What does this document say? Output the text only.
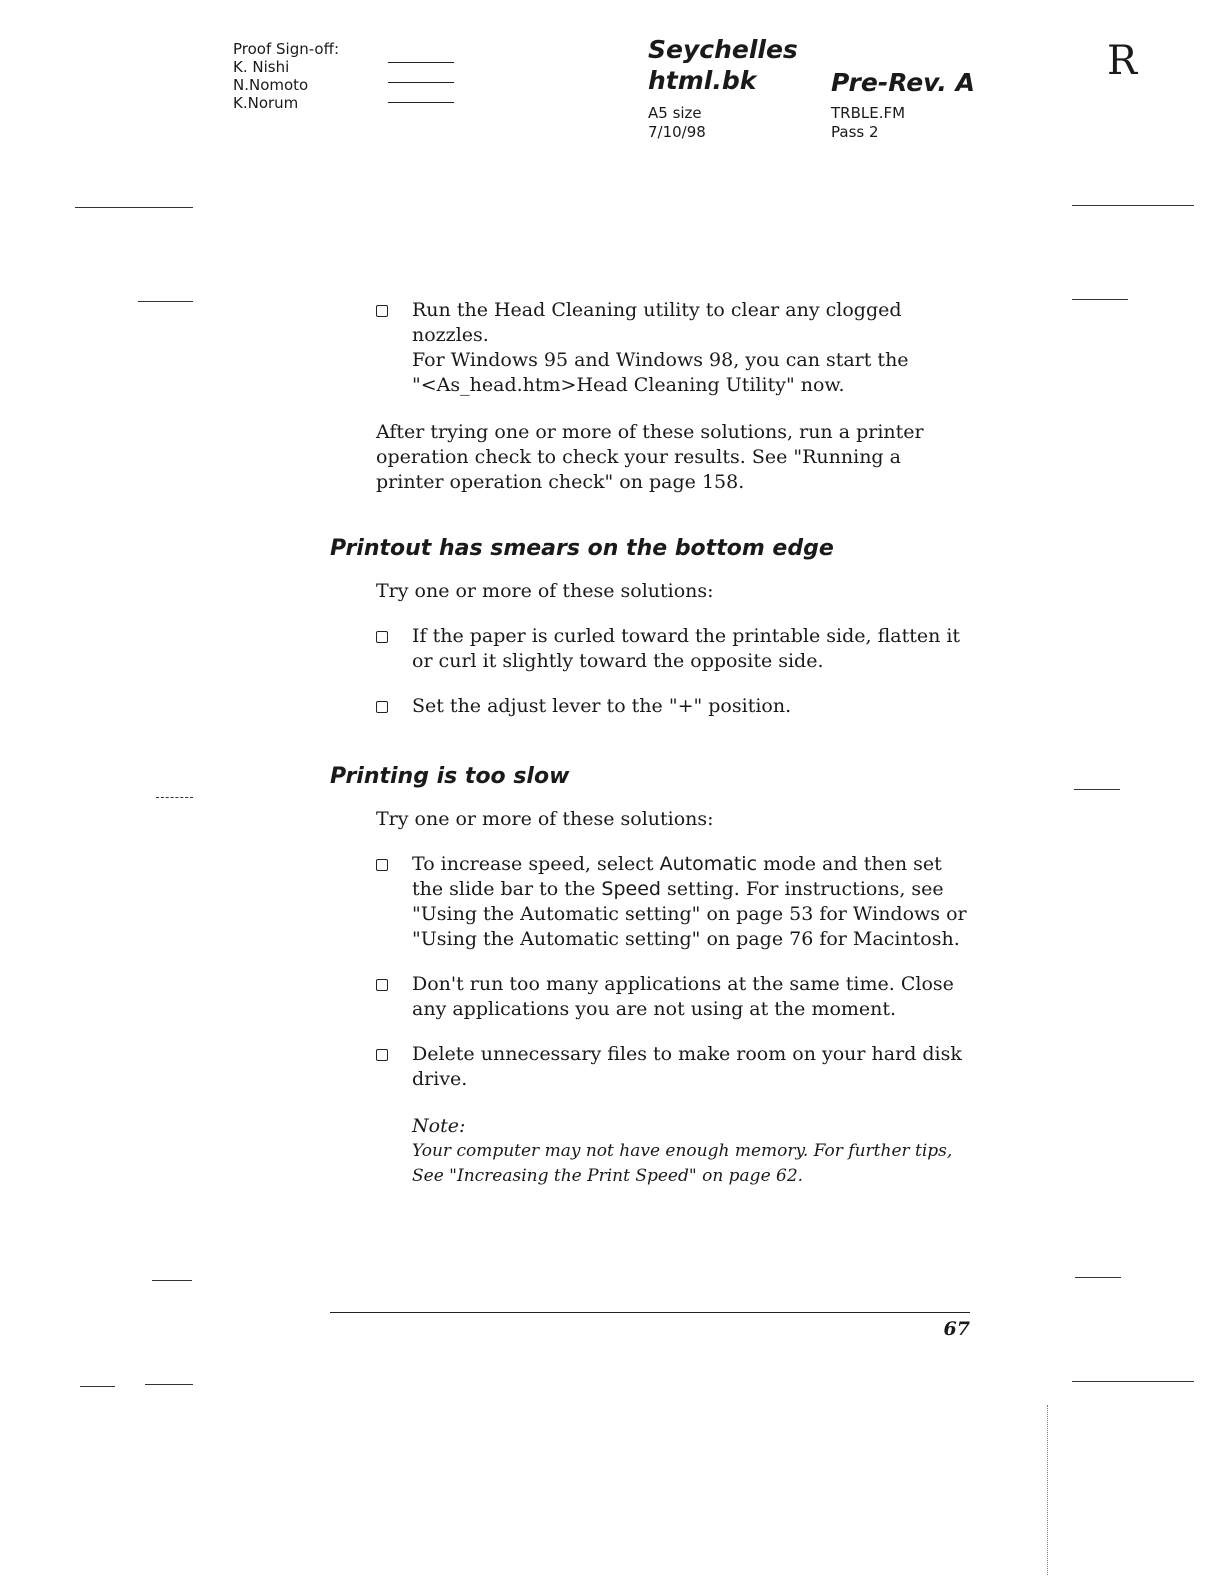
Proof Sign-off:
K. Nishi
N.Nomoto
K.Norum
Seychelles
html.bk	Pre-Rev. A
A5 size
7/10/98
TRBLE.FM
Pass 2
R
Run the Head Cleaning utility to clear any clogged nozzles.
For Windows 95 and Windows 98, you can start the
"<As_head.htm>Head Cleaning Utility" now.

After trying one or more of these solutions, run a printer operation check to check your results. See "Running a printer operation check" on page 158.

Printout has smears on the bottom edge

Try one or more of these solutions:

If the paper is curled toward the printable side, flatten it or curl it slightly toward the opposite side.
Set the adjust lever to the "+" position.
Printing is too slow

Try one or more of these solutions:

To increase speed, select Automatic mode and then set the slide bar to the Speed setting. For instructions, see "Using the Automatic setting" on page 53 for Windows or "Using the Automatic setting" on page 76 for Macintosh.
Don't run too many applications at the same time. Close any applications you are not using at the moment.
Delete unnecessary files to make room on your hard disk drive.

Note:

Your computer may not have enough memory. For further tips, See "Increasing the Print Speed" on page 62.

67
